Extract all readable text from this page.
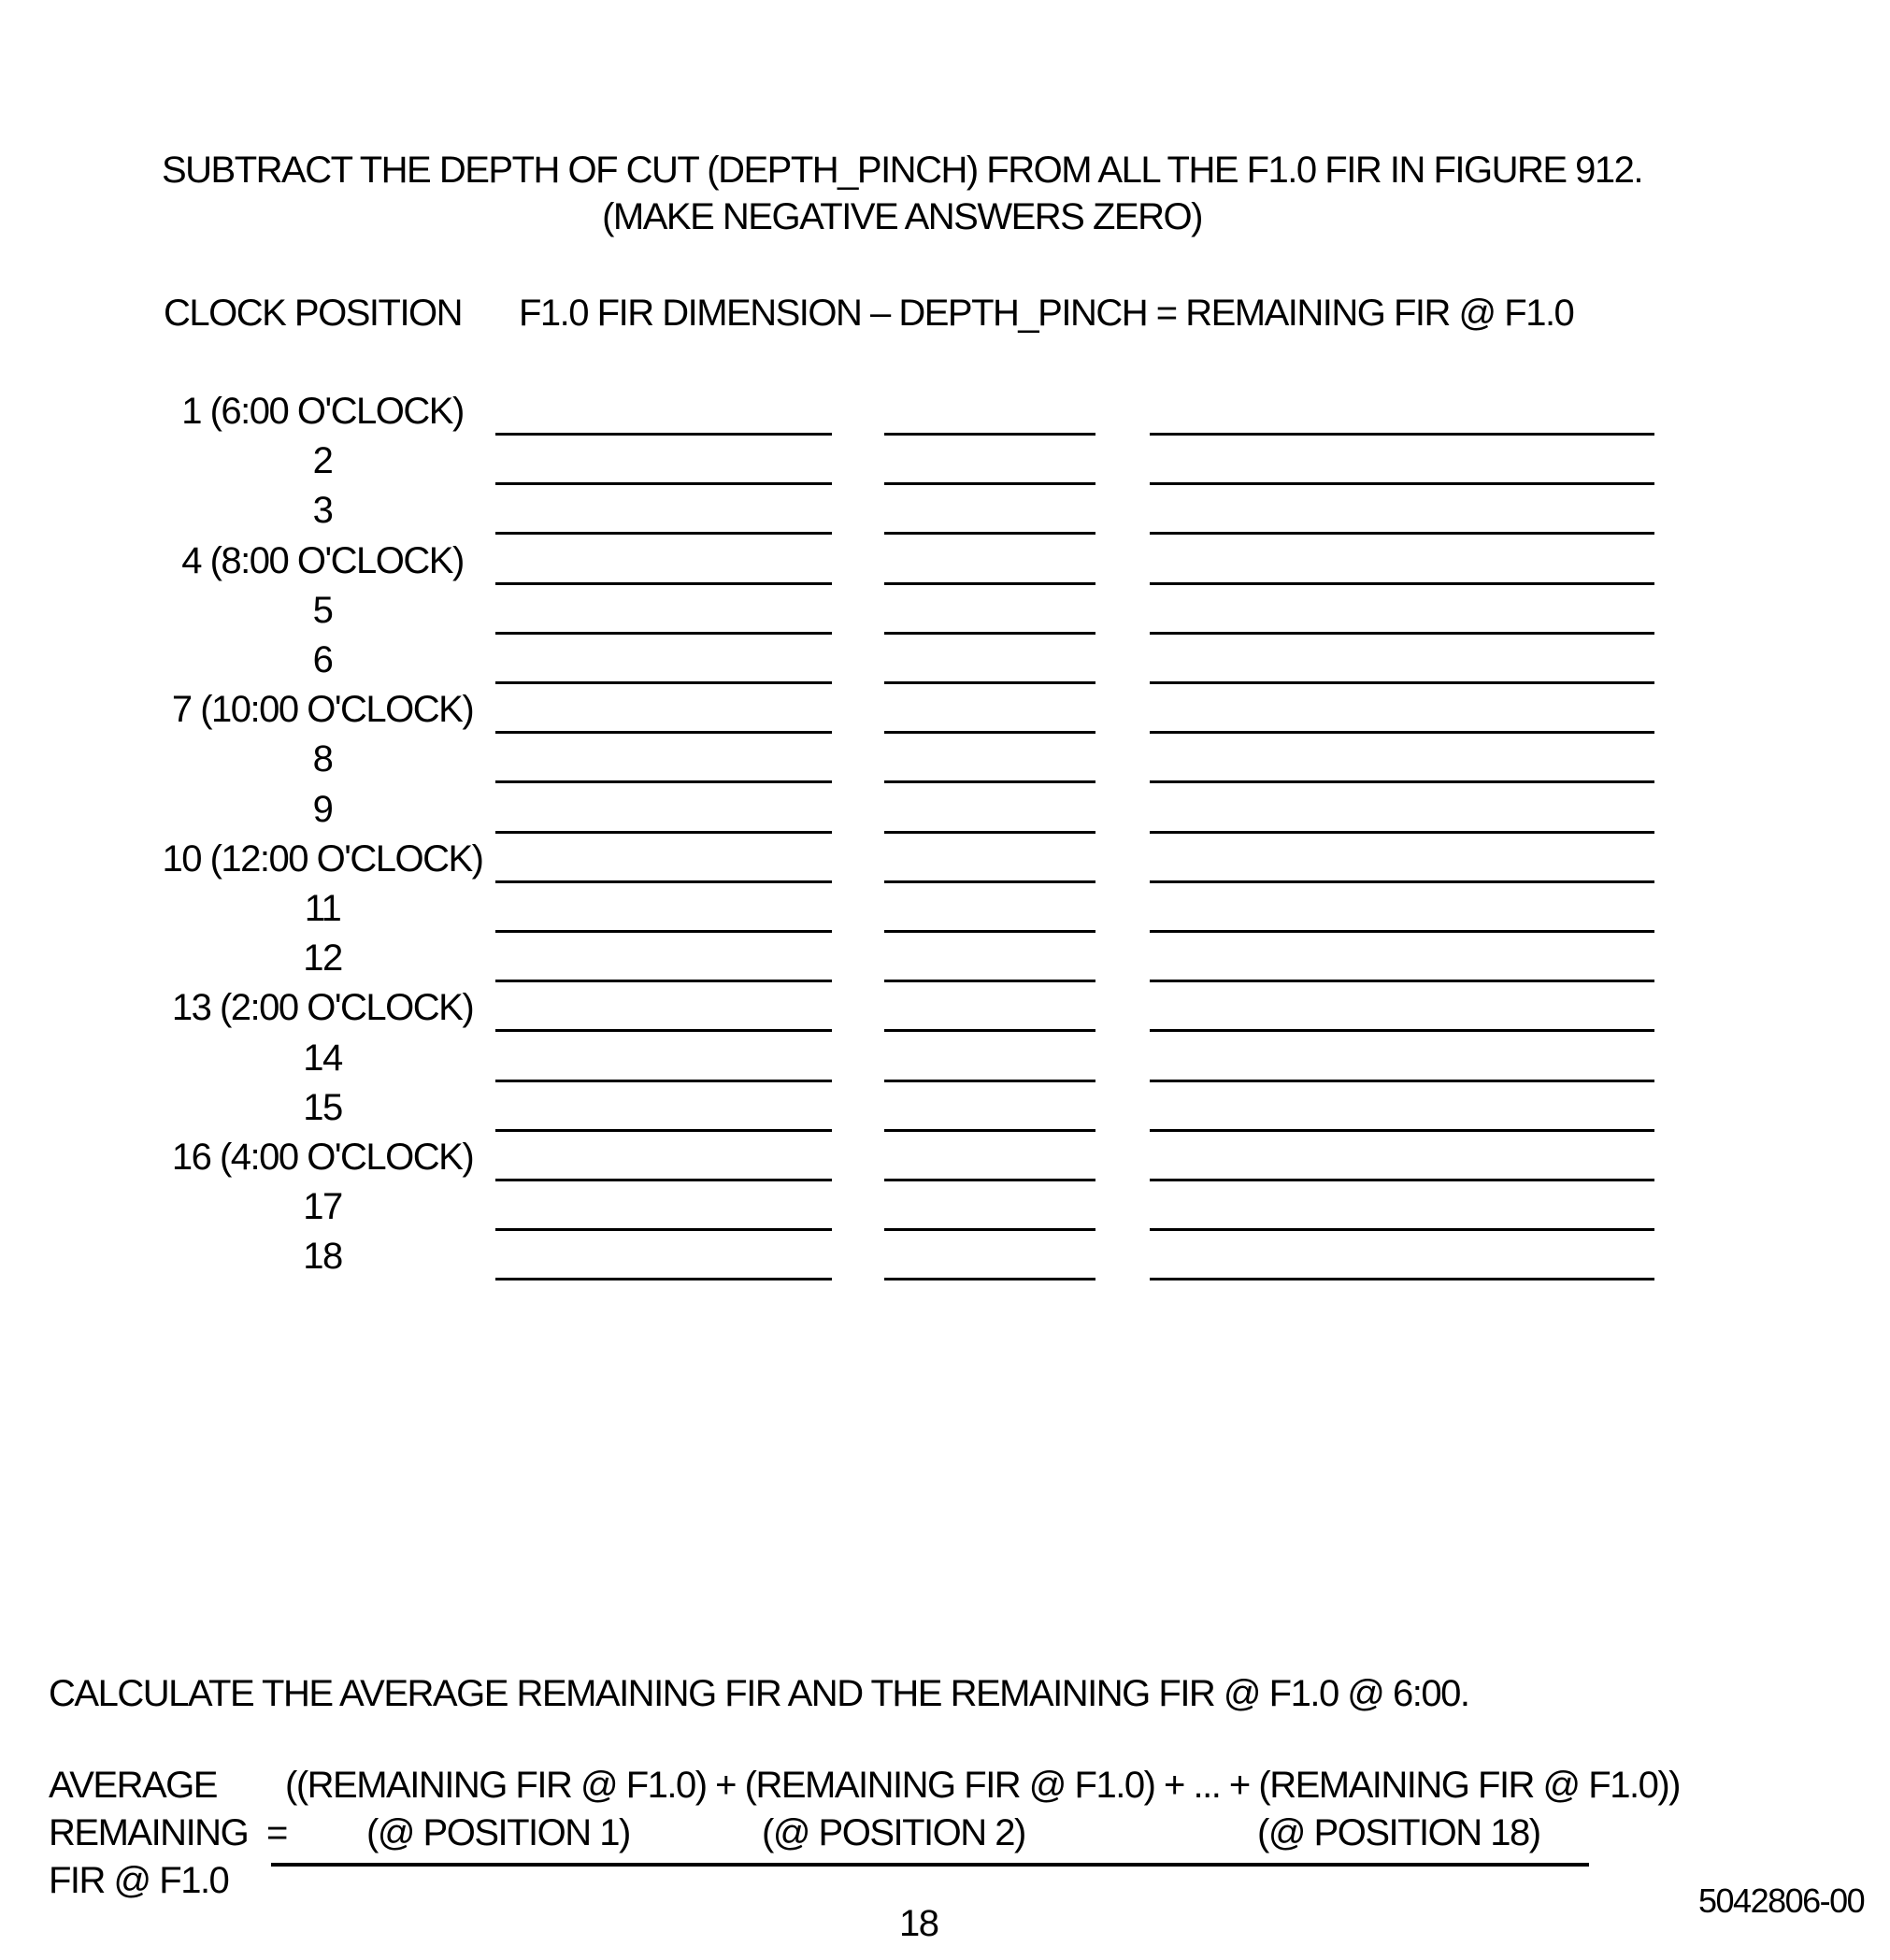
SUBTRACT THE DEPTH OF CUT (DEPTH_PINCH) FROM ALL THE F1.0 FIR IN FIGURE 912.
(MAKE NEGATIVE ANSWERS ZERO)
CLOCK POSITION F1.0 FIR DIMENSION – DEPTH_PINCH = REMAINING FIR @ F1.0
1 (6:00 O'CLOCK)
2
3
4 (8:00 O'CLOCK)
5
6
7 (10:00 O'CLOCK)
8
9
10 (12:00 O'CLOCK)
11
12
13 (2:00 O'CLOCK)
14
15
16 (4:00 O'CLOCK)
17
18
CALCULATE THE AVERAGE REMAINING FIR AND THE REMAINING FIR @ F1.0 @ 6:00.
AVERAGE
REMAINING
FIR @ F1.0
=
((REMAINING FIR @ F1.0) + (REMAINING FIR @ F1.0) + ... + (REMAINING FIR @ F1.0))
(@ POSITION 1)	(@ POSITION 2)	(@ POSITION 18)
18
5042806-00
